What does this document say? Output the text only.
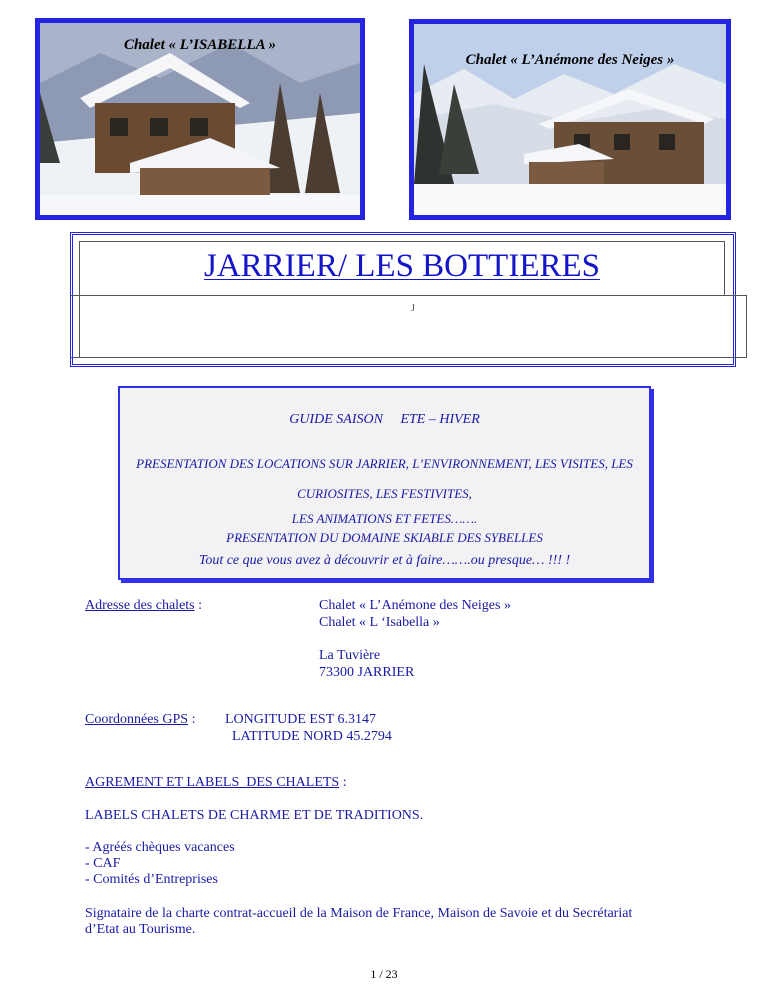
Chalet « L’ISABELLA »
Chalet « L’Anémone des Neiges »
JARRIER/ LES BOTTIERES
J
GUIDE SAISON     ETE – HIVER
PRESENTATION DES LOCATIONS SUR JARRIER, L’ENVIRONNEMENT, LES VISITES, LES
CURIOSITES, LES FESTIVITES,
LES ANIMATIONS ET FETES…….
PRESENTATION DU DOMAINE SKIABLE DES SYBELLES
Tout ce que vous avez à découvrir et à faire…….ou presque… !!! !
Adresse des chalets :	Chalet « L’Anémone des Neiges »
Chalet « L ‘Isabella »
La Tuvière
73300 JARRIER
Coordonnées GPS : LONGITUDE EST 6.3147
LATITUDE NORD 45.2794
AGREMENT ET LABELS  DES CHALETS :
LABELS CHALETS DE CHARME ET DE TRADITIONS.
- Agréés chèques vacances
- CAF
- Comités d’Entreprises
Signataire de la charte contrat-accueil de la Maison de France, Maison de Savoie et du Secrétariat
d’Etat au Tourisme.
1 / 23
